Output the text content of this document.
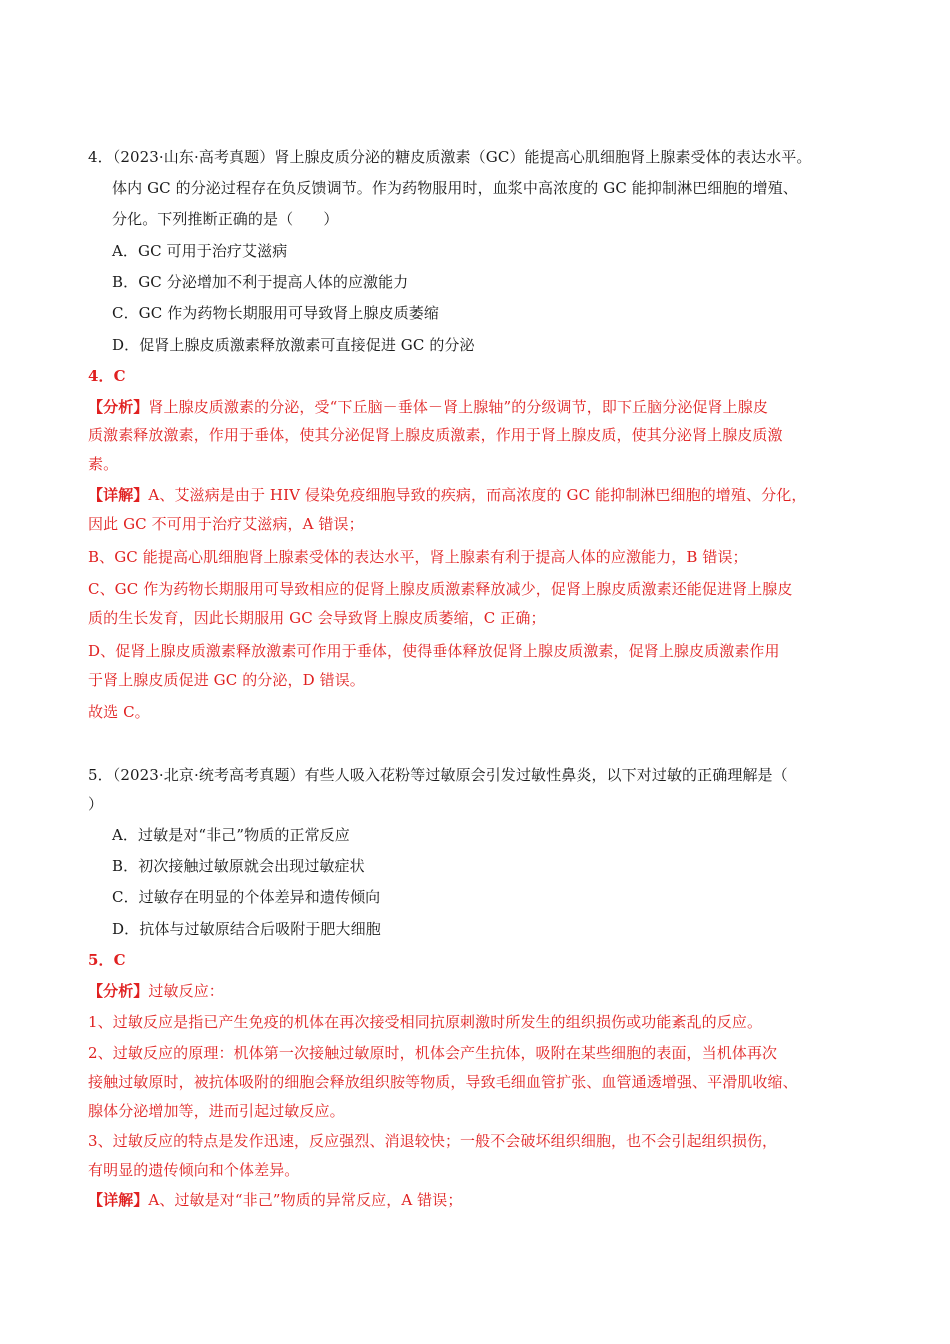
4．（2023·山东·高考真题）肾上腺皮质分泌的糖皮质激素（GC）能提高心肌细胞肾上腺素受体的表达水平。
体内 GC 的分泌过程存在负反馈调节。作为药物服用时，血浆中高浓度的 GC 能抑制淋巴细胞的增殖、
分化。下列推断正确的是（　　）
A．GC 可用于治疗艾滋病
B．GC 分泌增加不利于提高人体的应激能力
C．GC 作为药物长期服用可导致肾上腺皮质萎缩
D．促肾上腺皮质激素释放激素可直接促进 GC 的分泌
4．C
【分析】肾上腺皮质激素的分泌，受“下丘脑－垂体－肾上腺轴”的分级调节，即下丘脑分泌促肾上腺皮
质激素释放激素，作用于垂体，使其分泌促肾上腺皮质激素，作用于肾上腺皮质，使其分泌肾上腺皮质激
素。
【详解】A、艾滋病是由于 HIV 侵染免疫细胞导致的疾病，而高浓度的 GC 能抑制淋巴细胞的增殖、分化，
因此 GC 不可用于治疗艾滋病，A 错误；
B、GC 能提高心肌细胞肾上腺素受体的表达水平，肾上腺素有利于提高人体的应激能力，B 错误；
C、GC 作为药物长期服用可导致相应的促肾上腺皮质激素释放减少，促肾上腺皮质激素还能促进肾上腺皮
质的生长发育，因此长期服用 GC 会导致肾上腺皮质萎缩，C 正确；
D、促肾上腺皮质激素释放激素可作用于垂体，使得垂体释放促肾上腺皮质激素，促肾上腺皮质激素作用
于肾上腺皮质促进 GC 的分泌，D 错误。
故选 C。
5．（2023·北京·统考高考真题）有些人吸入花粉等过敏原会引发过敏性鼻炎，以下对过敏的正确理解是（
）
A．过敏是对“非己”物质的正常反应
B．初次接触过敏原就会出现过敏症状
C．过敏存在明显的个体差异和遗传倾向
D．抗体与过敏原结合后吸附于肥大细胞
5．C
【分析】过敏反应：
1、过敏反应是指已产生免疫的机体在再次接受相同抗原刺激时所发生的组织损伤或功能紊乱的反应。
2、过敏反应的原理：机体第一次接触过敏原时，机体会产生抗体，吸附在某些细胞的表面，当机体再次
接触过敏原时，被抗体吸附的细胞会释放组织胺等物质，导致毛细血管扩张、血管通透增强、平滑肌收缩、
腺体分泌增加等，进而引起过敏反应。
3、过敏反应的特点是发作迅速，反应强烈、消退较快；一般不会破坏组织细胞，也不会引起组织损伤，
有明显的遗传倾向和个体差异。
【详解】A、过敏是对“非己”物质的异常反应，A 错误；
